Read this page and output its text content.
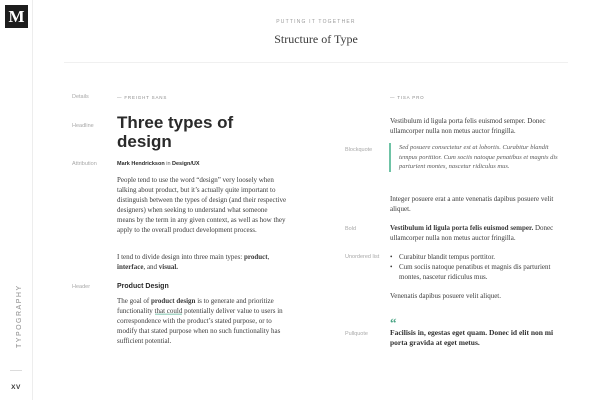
M
TYPOGRAPHY
XV
PUTTING IT TOGETHER
Structure of Type
Details	— FREIGHT SANS	— TISA PRO
Headline
Attribution
Header
Three types of design
Mark Hendrickson in Design/UX
People tend to use the word “design” very loosely when talking about product, but it’s actually quite important to distinguish between the types of design (and their respective designers) when seeking to understand what someone means by the term in any given context, as well as how they apply to the overall product development process.
I tend to divide design into three main types: product, interface, and visual.
Product Design
The goal of product design is to generate and prioritize functionality that could potentially deliver value to users in correspondence with the product’s stated purpose, or to modify that stated purpose when no such functionality has sufficient potential.
Blockquote
Bold
Unordered list
Pullquote
Vestibulum id ligula porta felis euismod semper. Donec ullamcorper nulla non metus auctor fringilla.
Sed posuere consectetur est at lobortis. Curabitur blandit tempus porttitor. Cum sociis natoque penatibus et magnis dis parturient montes, nascetur ridiculus mus.
Integer posuere erat a ante venenatis dapibus posuere velit aliquet.
Vestibulum id ligula porta felis euismod semper. Donec ullamcorper nulla non metus auctor fringilla.
• Curabitur blandit tempus porttitor.
• Cum sociis natoque penatibus et magnis dis parturient montes, nascetur ridiculus mus.
Venenatis dapibus posuere velit aliquet.
“
Facilisis in, egestas eget quam. Donec id elit non mi porta gravida at eget metus.
